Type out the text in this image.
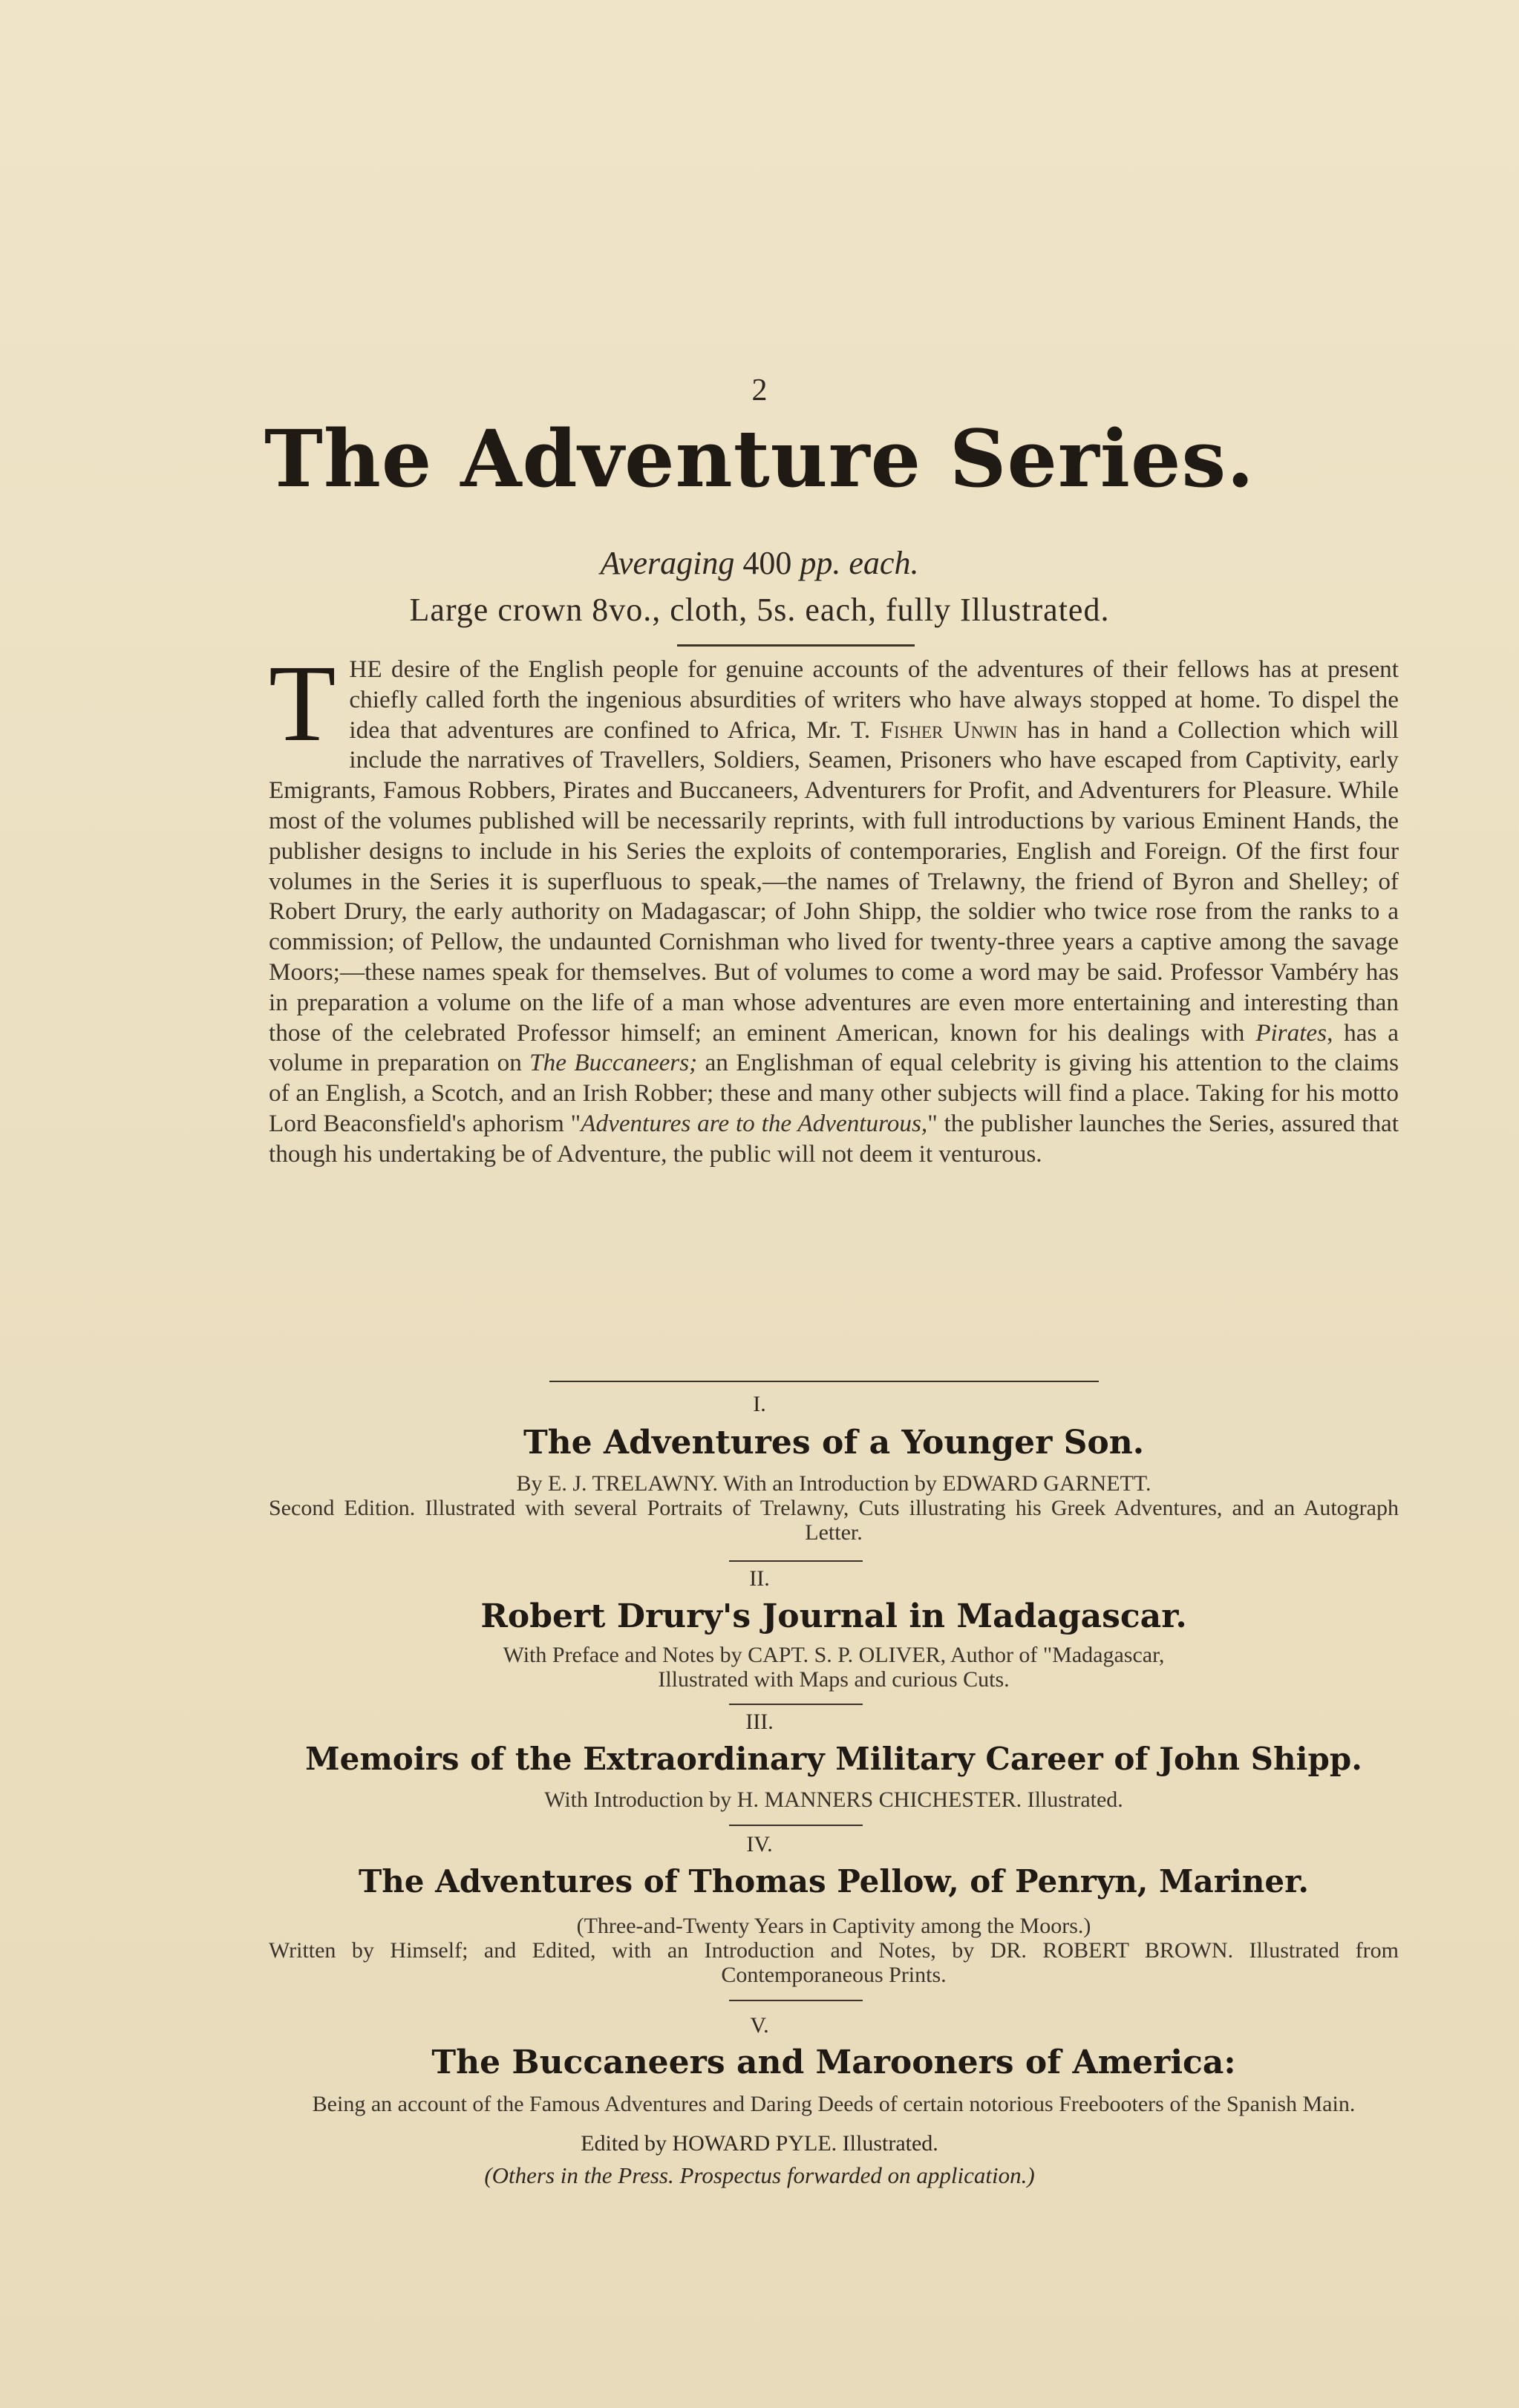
2
The Adventure Series.
Averaging 400 pp. each.
Large crown 8vo., cloth, 5s. each, fully Illustrated.
THE desire of the English people for genuine accounts of the adventures of their fellows has at present chiefly called forth the ingenious absurdities of writers who have always stopped at home. To dispel the idea that adventures are confined to Africa, Mr. T. Fisher Unwin has in hand a Collection which will include the narratives of Travellers, Soldiers, Seamen, Prisoners who have escaped from Captivity, early Emigrants, Famous Robbers, Pirates and Buccaneers, Adventurers for Profit, and Adventurers for Pleasure. While most of the volumes published will be necessarily reprints, with full introductions by various Eminent Hands, the publisher designs to include in his Series the exploits of contemporaries, English and Foreign. Of the first four volumes in the Series it is superfluous to speak,—the names of Trelawny, the friend of Byron and Shelley; of Robert Drury, the early authority on Madagascar; of John Shipp, the soldier who twice rose from the ranks to a commission; of Pellow, the undaunted Cornishman who lived for twenty-three years a captive among the savage Moors;—these names speak for themselves. But of volumes to come a word may be said. Professor Vambéry has in preparation a volume on the life of a man whose adventures are even more entertaining and interesting than those of the celebrated Professor himself; an eminent American, known for his dealings with Pirates, has a volume in preparation on The Buccaneers; an Englishman of equal celebrity is giving his attention to the claims of an English, a Scotch, and an Irish Robber; these and many other subjects will find a place. Taking for his motto Lord Beaconsfield's aphorism "Adventures are to the Adventurous," the publisher launches the Series, assured that though his undertaking be of Adventure, the public will not deem it venturous.
I.
The Adventures of a Younger Son.
By E. J. TRELAWNY. With an Introduction by EDWARD GARNETT.
Second Edition. Illustrated with several Portraits of Trelawny, Cuts illustrating his Greek Adventures, and an Autograph Letter.
II.
Robert Drury's Journal in Madagascar.
With Preface and Notes by CAPT. S. P. OLIVER, Author of "Madagascar,
Illustrated with Maps and curious Cuts.
III.
Memoirs of the Extraordinary Military Career of John Shipp.
With Introduction by H. MANNERS CHICHESTER. Illustrated.
IV.
The Adventures of Thomas Pellow, of Penryn, Mariner.
(Three-and-Twenty Years in Captivity among the Moors.)
Written by Himself; and Edited, with an Introduction and Notes, by DR. ROBERT BROWN. Illustrated from Contemporaneous Prints.
V.
The Buccaneers and Marooners of America:
Being an account of the Famous Adventures and Daring Deeds of certain notorious Freebooters of the Spanish Main.
Edited by HOWARD PYLE. Illustrated.
(Others in the Press. Prospectus forwarded on application.)
